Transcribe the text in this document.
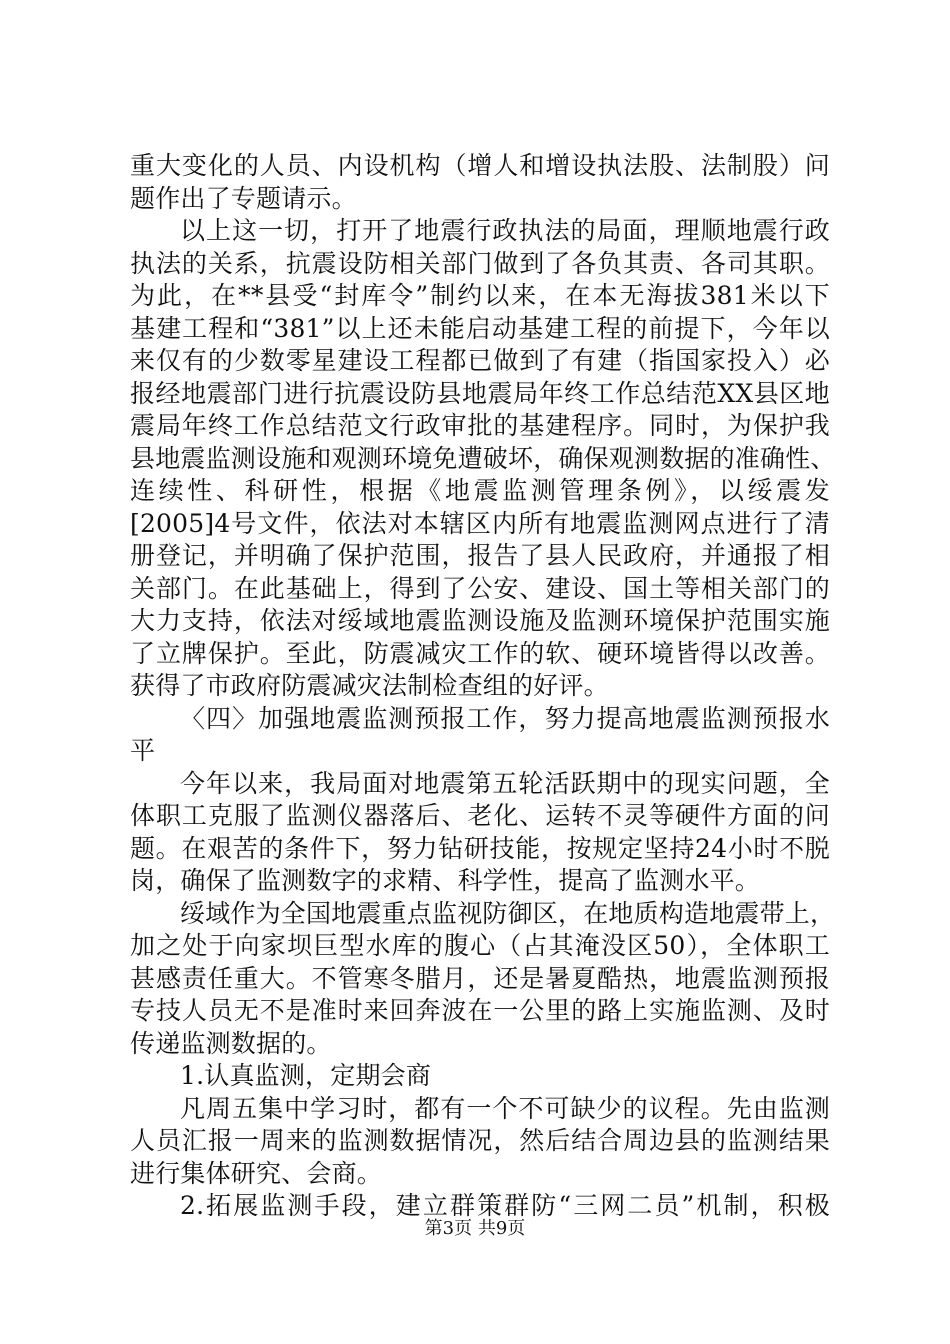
重大变化的人员、内设机构（增人和增设执法股、法制股）问
题作出了专题请示。
以上这一切，打开了地震行政执法的局面，理顺地震行政
执法的关系，抗震设防相关部门做到了各负其责、各司其职。
为此，在**县受“封库令”制约以来，在本无海拔381米以下
基建工程和“381”以上还未能启动基建工程的前提下，今年以
来仅有的少数零星建设工程都已做到了有建（指国家投入）必
报经地震部门进行抗震设防县地震局年终工作总结范XX县区地
震局年终工作总结范文行政审批的基建程序。同时，为保护我
县地震监测设施和观测环境免遭破坏，确保观测数据的准确性、
连续性、科研性，根据《地震监测管理条例》，以绥震发
[2005]4号文件，依法对本辖区内所有地震监测网点进行了清
册登记，并明确了保护范围，报告了县人民政府，并通报了相
关部门。在此基础上，得到了公安、建设、国土等相关部门的
大力支持，依法对绥域地震监测设施及监测环境保护范围实施
了立牌保护。至此，防震减灾工作的软、硬环境皆得以改善。
获得了市政府防震减灾法制检查组的好评。
〈四〉加强地震监测预报工作，努力提高地震监测预报水
平
今年以来，我局面对地震第五轮活跃期中的现实问题，全
体职工克服了监测仪器落后、老化、运转不灵等硬件方面的问
题。在艰苦的条件下，努力钻研技能，按规定坚持24小时不脱
岗，确保了监测数字的求精、科学性，提高了监测水平。
绥域作为全国地震重点监视防御区，在地质构造地震带上，
加之处于向家坝巨型水库的腹心（占其淹没区50），全体职工
甚感责任重大。不管寒冬腊月，还是暑夏酷热，地震监测预报
专技人员无不是准时来回奔波在一公里的路上实施监测、及时
传递监测数据的。
1.认真监测，定期会商
凡周五集中学习时，都有一个不可缺少的议程。先由监测
人员汇报一周来的监测数据情况，然后结合周边县的监测结果
进行集体研究、会商。
2.拓展监测手段，建立群策群防“三网二员”机制，积极
第3页 共9页
